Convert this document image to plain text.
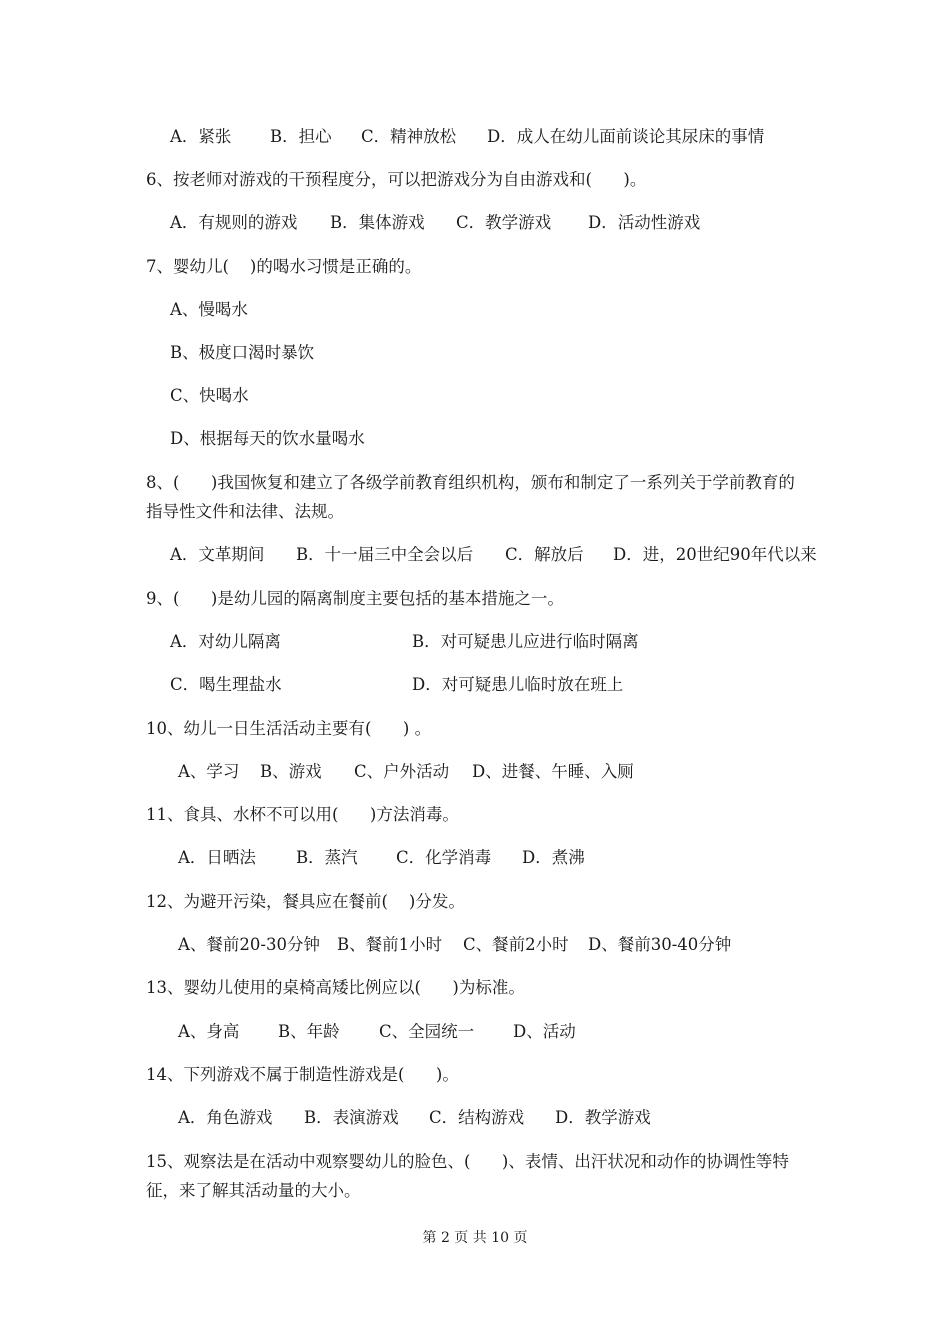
A．紧张 B．担心 C．精神放松 D．成人在幼儿面前谈论其尿床的事情
6、按老师对游戏的干预程度分，可以把游戏分为自由游戏和(      )。
A．有规则的游戏 B．集体游戏 C．教学游戏 D．活动性游戏
7、婴幼儿(    )的喝水习惯是正确的。
A、慢喝水
B、极度口渴时暴饮
C、快喝水
D、根据每天的饮水量喝水
8、(      )我国恢复和建立了各级学前教育组织机构，颁布和制定了一系列关于学前教育的
指导性文件和法律、法规。
A．文革期间 B．十一届三中全会以后 C．解放后 D．进，20世纪90年代以来
9、(      )是幼儿园的隔离制度主要包括的基本措施之一。
A．对幼儿隔离	B．对可疑患儿应进行临时隔离
C．喝生理盐水	D．对可疑患儿临时放在班上
10、幼儿一日生活活动主要有(      ) 。
A、学习 B、游戏 C、户外活动 D、进餐、午睡、入厕
11、食具、水杯不可以用(      )方法消毒。
A．日晒法 B．蒸汽 C．化学消毒 D．煮沸
12、为避开污染，餐具应在餐前(    )分发。
A、餐前20-30分钟 B、餐前1小时 C、餐前2小时 D、餐前30-40分钟
13、婴幼儿使用的桌椅高矮比例应以(      )为标准。
A、身高 B、年龄 C、全园统一 D、活动
14、下列游戏不属于制造性游戏是(      )。
A．角色游戏 B．表演游戏 C．结构游戏 D．教学游戏
15、观察法是在活动中观察婴幼儿的脸色、(      )、表情、出汗状况和动作的协调性等特
征，来了解其活动量的大小。
第 2 页 共 10 页
